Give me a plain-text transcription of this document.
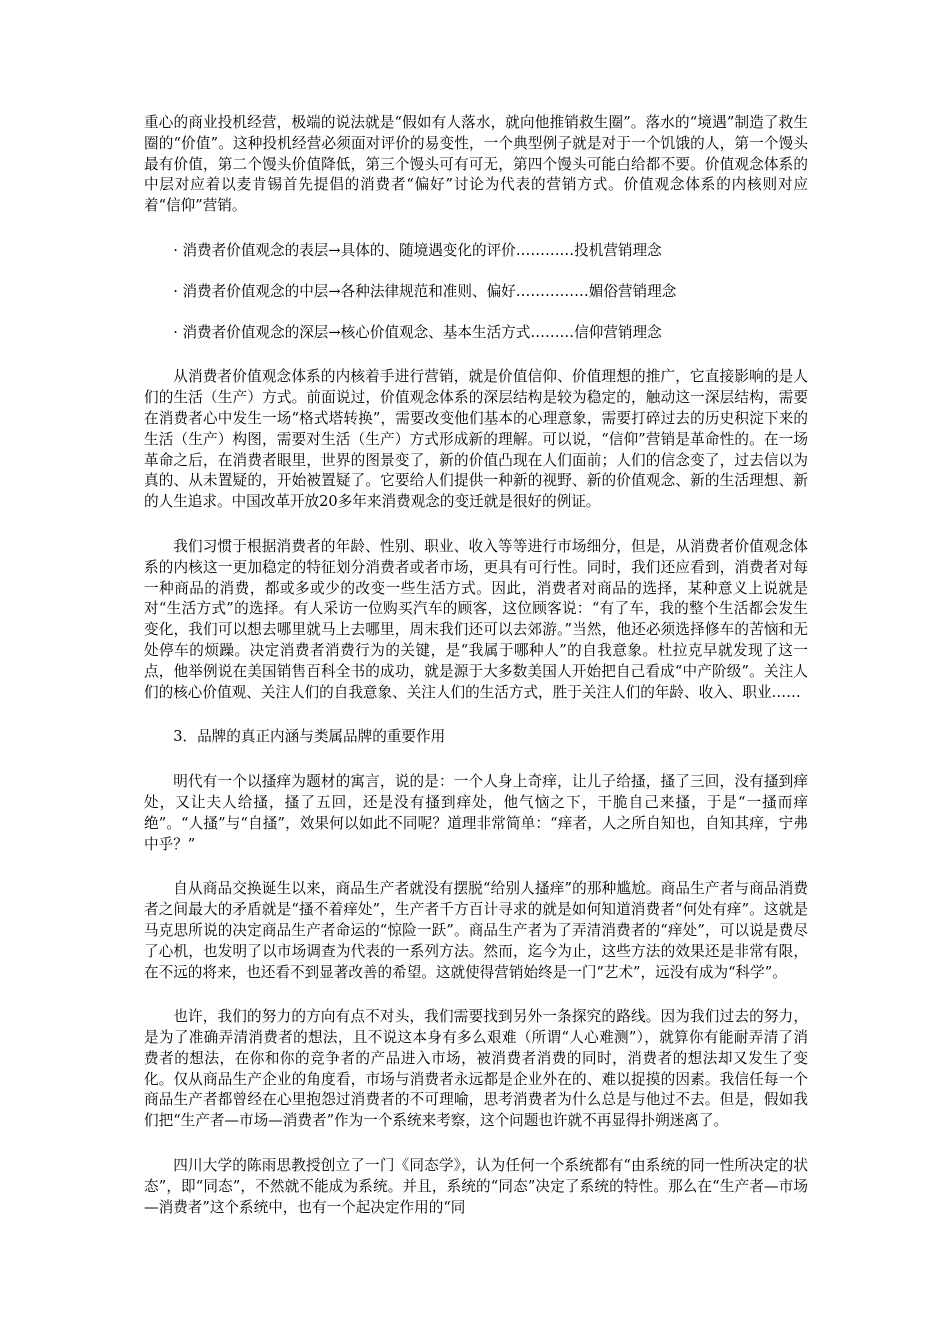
重心的商业投机经营，极端的说法就是“假如有人落水，就向他推销救生圈”。落水的“境遇”制造了救生圈的“价值”。这种投机经营必须面对评价的易变性，一个典型例子就是对于一个饥饿的人，第一个馒头最有价值，第二个馒头价值降低，第三个馒头可有可无，第四个馒头可能白给都不要。价值观念体系的中层对应着以麦肯锡首先提倡的消费者“偏好”讨论为代表的营销方式。价值观念体系的内核则对应着“信仰”营销。

· 消费者价值观念的表层→具体的、随境遇变化的评价…………投机营销理念

· 消费者价值观念的中层→各种法律规范和准则、偏好……………媚俗营销理念

· 消费者价值观念的深层→核心价值观念、基本生活方式………信仰营销理念

从消费者价值观念体系的内核着手进行营销，就是价值信仰、价值理想的推广，它直接影响的是人们的生活（生产）方式。前面说过，价值观念体系的深层结构是较为稳定的，触动这一深层结构，需要在消费者心中发生一场“格式塔转换”，需要改变他们基本的心理意象，需要打碎过去的历史积淀下来的生活（生产）构图，需要对生活（生产）方式形成新的理解。可以说，“信仰”营销是革命性的。在一场革命之后，在消费者眼里，世界的图景变了，新的价值凸现在人们面前；人们的信念变了，过去信以为真的、从未置疑的，开始被置疑了。它要给人们提供一种新的视野、新的价值观念、新的生活理想、新的人生追求。中国改革开放20多年来消费观念的变迁就是很好的例证。

我们习惯于根据消费者的年龄、性别、职业、收入等等进行市场细分，但是，从消费者价值观念体系的内核这一更加稳定的特征划分消费者或者市场，更具有可行性。同时，我们还应看到，消费者对每一种商品的消费，都或多或少的改变一些生活方式。因此，消费者对商品的选择，某种意义上说就是对“生活方式”的选择。有人采访一位购买汽车的顾客，这位顾客说：“有了车，我的整个生活都会发生变化，我们可以想去哪里就马上去哪里，周末我们还可以去郊游。”当然，他还必须选择修车的苦恼和无处停车的烦躁。决定消费者消费行为的关键，是“我属于哪种人”的自我意象。杜拉克早就发现了这一点，他举例说在美国销售百科全书的成功，就是源于大多数美国人开始把自己看成“中产阶级”。关注人们的核心价值观、关注人们的自我意象、关注人们的生活方式，胜于关注人们的年龄、收入、职业……

3．品牌的真正内涵与类属品牌的重要作用

明代有一个以搔痒为题材的寓言，说的是：一个人身上奇痒，让儿子给搔，搔了三回，没有搔到痒处，又让夫人给搔，搔了五回，还是没有搔到痒处，他气恼之下，干脆自己来搔，于是“一搔而痒绝”。“人搔”与“自搔”，效果何以如此不同呢？道理非常简单：“痒者，人之所自知也，自知其痒，宁弗中乎？”

自从商品交换诞生以来，商品生产者就没有摆脱“给别人搔痒”的那种尴尬。商品生产者与商品消费者之间最大的矛盾就是“搔不着痒处”，生产者千方百计寻求的就是如何知道消费者“何处有痒”。这就是马克思所说的决定商品生产者命运的“惊险一跃”。商品生产者为了弄清消费者的“痒处”，可以说是费尽了心机，也发明了以市场调查为代表的一系列方法。然而，迄今为止，这些方法的效果还是非常有限，在不远的将来，也还看不到显著改善的希望。这就使得营销始终是一门“艺术”，远没有成为“科学”。

也许，我们的努力的方向有点不对头，我们需要找到另外一条探究的路线。因为我们过去的努力，是为了准确弄清消费者的想法，且不说这本身有多么艰难（所谓“人心难测”），就算你有能耐弄清了消费者的想法，在你和你的竞争者的产品进入市场，被消费者消费的同时，消费者的想法却又发生了变化。仅从商品生产企业的角度看，市场与消费者永远都是企业外在的、难以捉摸的因素。我信任每一个商品生产者都曾经在心里抱怨过消费者的不可理喻，思考消费者为什么总是与他过不去。但是，假如我们把“生产者—市场—消费者”作为一个系统来考察，这个问题也许就不再显得扑朔迷离了。

四川大学的陈雨思教授创立了一门《同态学》，认为任何一个系统都有“由系统的同一性所决定的状态”，即“同态”，不然就不能成为系统。并且，系统的“同态”决定了系统的特性。那么在“生产者—市场—消费者”这个系统中，也有一个起决定作用的“同
